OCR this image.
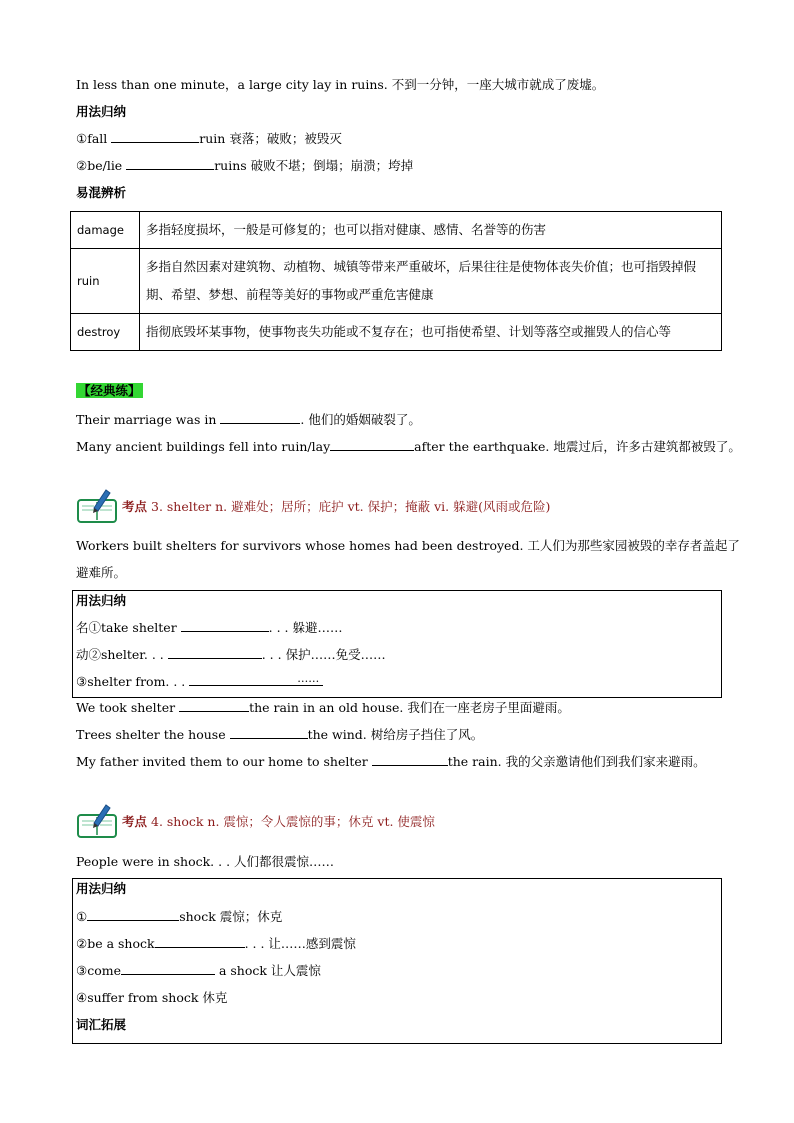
In less than one minute，a large city lay in ruins. 不到一分钟，一座大城市就成了废墟。
用法归纳
①fall	ruin 衰落；破败；被毁灭
②be/lie	ruins 破败不堪；倒塌；崩溃；垮掉
易混辨析
damage	多指轻度损坏，一般是可修复的；也可以指对健康、感情、名誉等的伤害
ruin	多指自然因素对建筑物、动植物、城镇等带来严重破坏，后果往往是使物体丧失价值；也可指毁掉假期、希望、梦想、前程等美好的事物或严重危害健康
destroy	指彻底毁坏某事物，使事物丧失功能或不复存在；也可指使希望、计划等落空或摧毁人的信心等
【经典练】
Their marriage was in	. 他们的婚姻破裂了。
Many ancient buildings fell into ruin/lay	after the earthquake. 地震过后，许多古建筑都被毁了。
考点 3. shelter n. 避难处；居所；庇护 vt. 保护；掩蔽 vi. 躲避(风雨或危险)
Workers built shelters for survivors whose homes had been destroyed. 工人们为那些家园被毁的幸存者盖起了
避难所。
用法归纳
名①take shelter	. . . 躲避……
动②shelter. . .	. . . 保护……免受……
③shelter from. . .	……
We took shelter	the rain in an old house. 我们在一座老房子里面避雨。
Trees shelter the house	the wind. 树给房子挡住了风。
My father invited them to our home to shelter	the rain. 我的父亲邀请他们到我们家来避雨。
考点 4. shock n. 震惊；令人震惊的事；休克 vt. 使震惊
People were in shock. . . 人们都很震惊……
用法归纳
①	shock 震惊；休克
②be a shock	. . . 让……感到震惊
③come	a shock 让人震惊
④suffer from shock 休克
词汇拓展
